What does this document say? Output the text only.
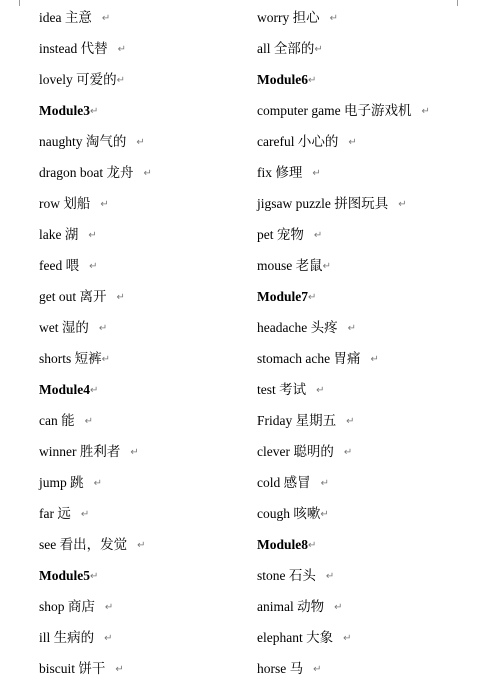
idea 主意 ↵
instead 代替 ↵
lovely 可爱的↵
Module3↵
naughty 淘气的 ↵
dragon boat 龙舟 ↵
row 划船 ↵
lake 湖 ↵
feed 喂 ↵
get out 离开 ↵
wet 湿的 ↵
shorts 短裤↵
Module4↵
can 能 ↵
winner 胜利者 ↵
jump 跳 ↵
far 远 ↵
see 看出，发觉 ↵
Module5↵
shop 商店 ↵
ill 生病的 ↵
biscuit 饼干 ↵
worry 担心 ↵
all 全部的↵
Module6↵
computer game 电子游戏机 ↵
careful 小心的 ↵
fix 修理 ↵
jigsaw puzzle 拼图玩具 ↵
pet 宠物 ↵
mouse 老鼠↵
Module7↵
headache 头疼 ↵
stomach ache 胃痛 ↵
test 考试 ↵
Friday 星期五 ↵
clever 聪明的 ↵
cold 感冒 ↵
cough 咳嗽↵
Module8↵
stone 石头 ↵
animal 动物 ↵
elephant 大象 ↵
horse 马 ↵
